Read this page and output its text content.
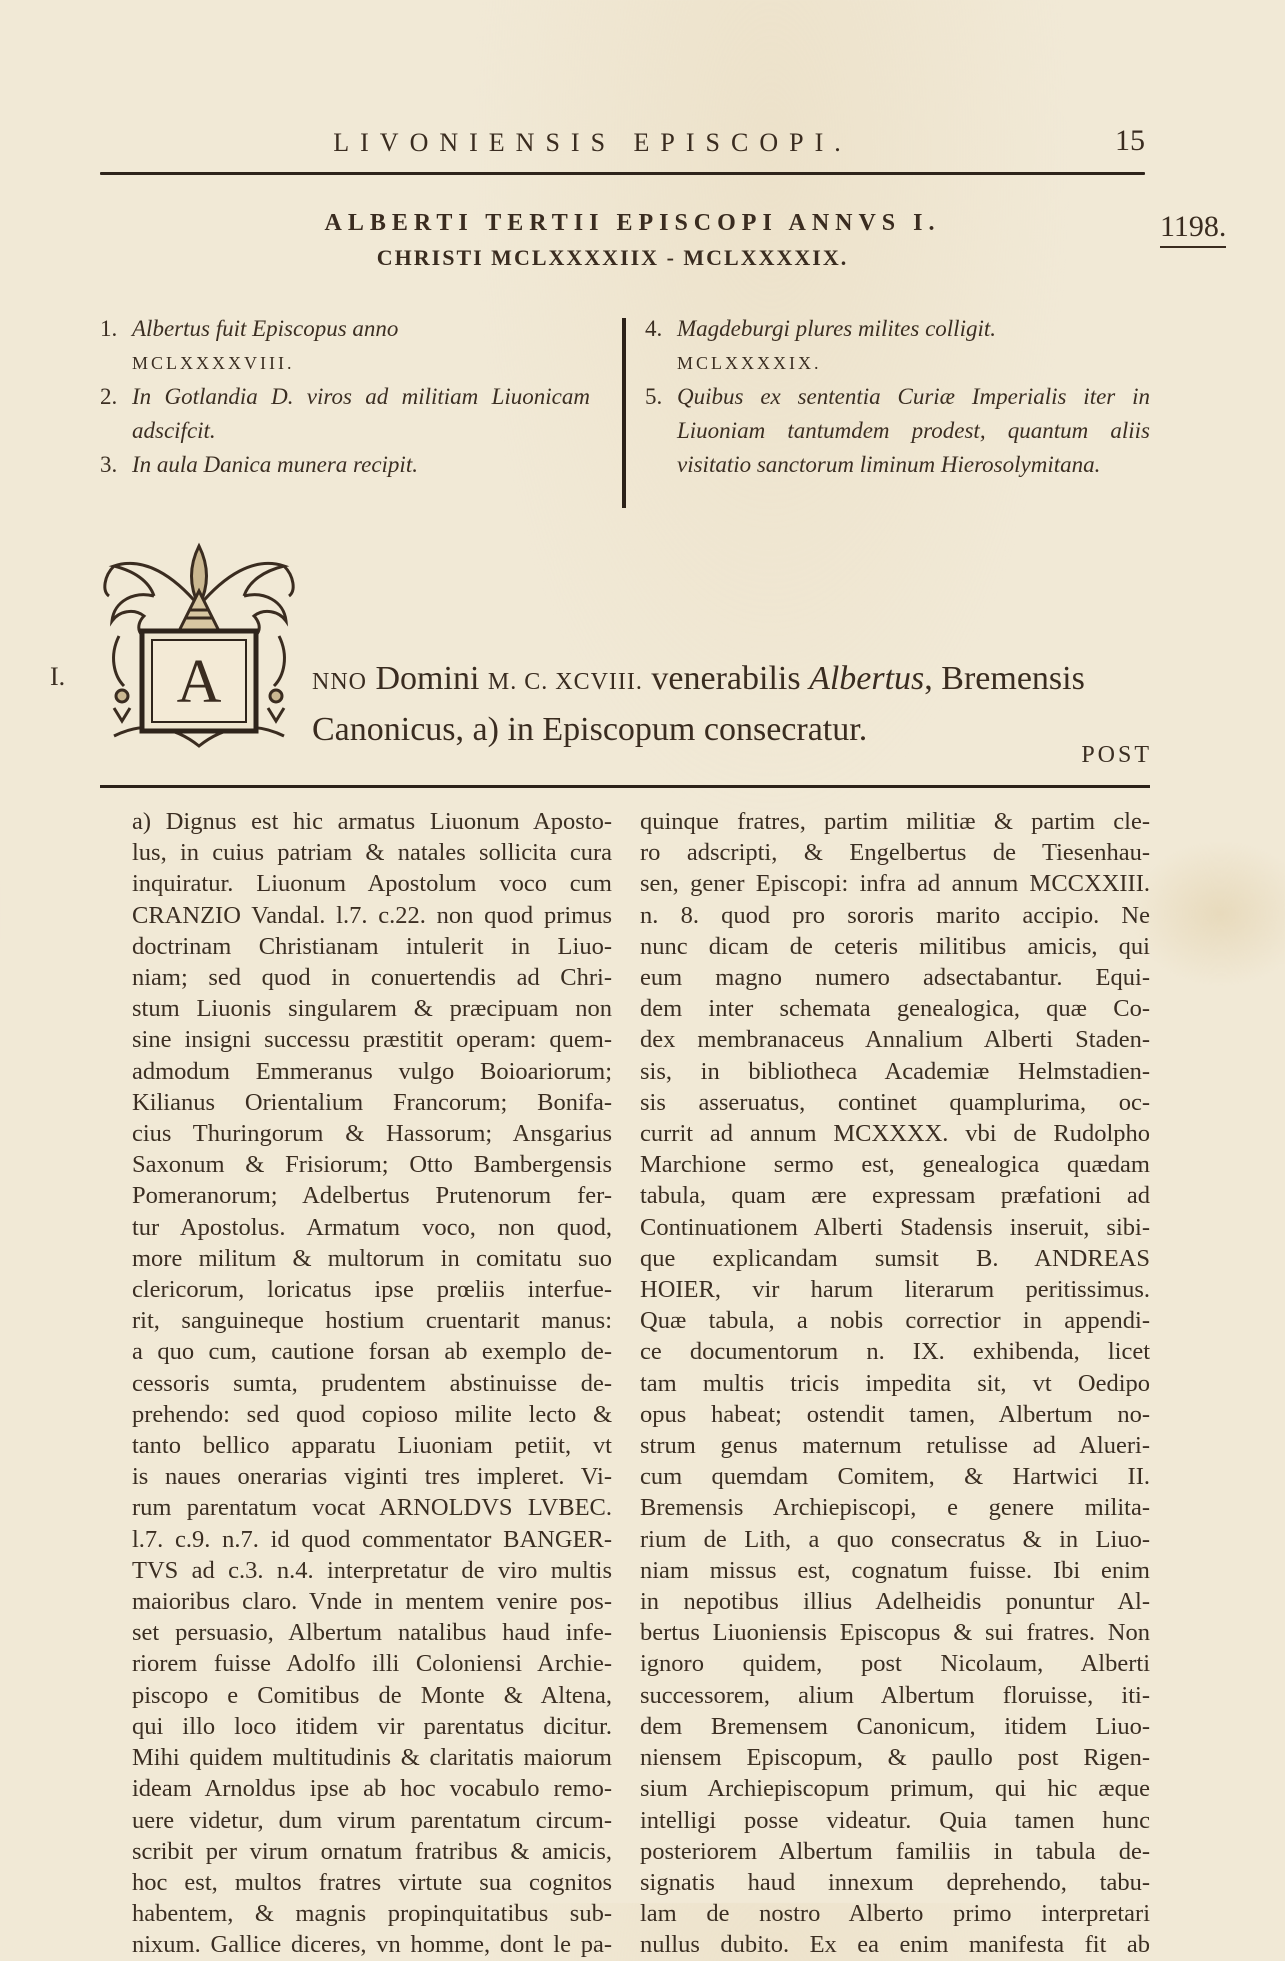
LIVONIENSIS EPISCOPI.	15
ALBERTI TERTII EPISCOPI ANNVS I.
CHRISTI MCLXXXXIIX - MCLXXXXIX.
1198.
1. Albertus fuit Episcopus anno
MCLXXXXVIII.
2. In Gotlandia D. viros ad militiam Liuonicam adscifcit.
3. In aula Danica munera recipit.
4. Magdeburgi plures milites colligit.
MCLXXXXIX.
5. Quibus ex sententia Curiæ Imperialis iter in Liuoniam tantumdem prodest, quantum aliis visitatio sanctorum liminum Hierosolymitana.
I. A	NNO Domini M. C. XCVIII. venerabilis Albertus, Bremensis Canonicus, a) in Episcopum consecratur.
POST
a) Dignus est hic armatus Liuonum Aposto-
lus, in cuius patriam & natales sollicita cura
inquiratur. Liuonum Apostolum voco cum
CRANZIO Vandal. l.7. c.22. non quod primus
doctrinam Christianam intulerit in Liuo-
niam; sed quod in conuertendis ad Chri-
stum Liuonis singularem & præcipuam non
sine insigni successu præstitit operam: quem-
admodum Emmeranus vulgo Boioariorum;
Kilianus Orientalium Francorum; Bonifa-
cius Thuringorum & Hassorum; Ansgarius
Saxonum & Frisiorum; Otto Bambergensis
Pomeranorum; Adelbertus Prutenorum fer-
tur Apostolus. Armatum voco, non quod,
more militum & multorum in comitatu suo
clericorum, loricatus ipse prœliis interfue-
rit, sanguineque hostium cruentarit manus:
a quo cum, cautione forsan ab exemplo de-
cessoris sumta, prudentem abstinuisse de-
prehendo: sed quod copioso milite lecto &
tanto bellico apparatu Liuoniam petiit, vt
is naues onerarias viginti tres impleret. Vi-
rum parentatum vocat ARNOLDVS LVBEC.
l.7. c.9. n.7. id quod commentator BANGER-
TVS ad c.3. n.4. interpretatur de viro multis
maioribus claro. Vnde in mentem venire pos-
set persuasio, Albertum natalibus haud infe-
riorem fuisse Adolfo illi Coloniensi Archie-
piscopo e Comitibus de Monte & Altena,
qui illo loco itidem vir parentatus dicitur.
Mihi quidem multitudinis & claritatis maiorum
ideam Arnoldus ipse ab hoc vocabulo remo-
uere videtur, dum virum parentatum circum-
scribit per virum ornatum fratribus & amicis,
hoc est, multos fratres virtute sua cognitos
habentem, & magnis propinquitatibus sub-
nixum. Gallice diceres, vn homme, dont le pa-
quinque fratres, partim militiæ & partim cle-
ro adscripti, & Engelbertus de Tiesenhau-
sen, gener Episcopi: infra ad annum MCCXXIII.
n. 8. quod pro sororis marito accipio. Ne
nunc dicam de ceteris militibus amicis, qui
eum magno numero adsectabantur. Equi-
dem inter schemata genealogica, quæ Co-
dex membranaceus Annalium Alberti Staden-
sis, in bibliotheca Academiæ Helmstadien-
sis asseruatus, continet quamplurima, oc-
currit ad annum MCXXXX. vbi de Rudolpho
Marchione sermo est, genealogica quædam
tabula, quam ære expressam præfationi ad
Continuationem Alberti Stadensis inseruit, sibi-
que explicandam sumsit B. ANDREAS
HOIER, vir harum literarum peritissimus.
Quæ tabula, a nobis correctior in appendi-
ce documentorum n. IX. exhibenda, licet
tam multis tricis impedita sit, vt Oedipo
opus habeat; ostendit tamen, Albertum no-
strum genus maternum retulisse ad Alueri-
cum quemdam Comitem, & Hartwici II.
Bremensis Archiepiscopi, e genere milita-
rium de Lith, a quo consecratus & in Liuo-
niam missus est, cognatum fuisse. Ibi enim
in nepotibus illius Adelheidis ponuntur Al-
bertus Liuoniensis Episcopus & sui fratres. Non
ignoro quidem, post Nicolaum, Alberti
successorem, alium Albertum floruisse, iti-
dem Bremensem Canonicum, itidem Liuo-
niensem Episcopum, & paullo post Rigen-
sium Archiepiscopum primum, qui hic æque
intelligi posse videatur. Quia tamen hunc
posteriorem Albertum familiis in tabula de-
signatis haud innexum deprehendo, tabu-
lam de nostro Alberto primo interpretari
nullus dubito. Ex ea enim manifesta fit ab
